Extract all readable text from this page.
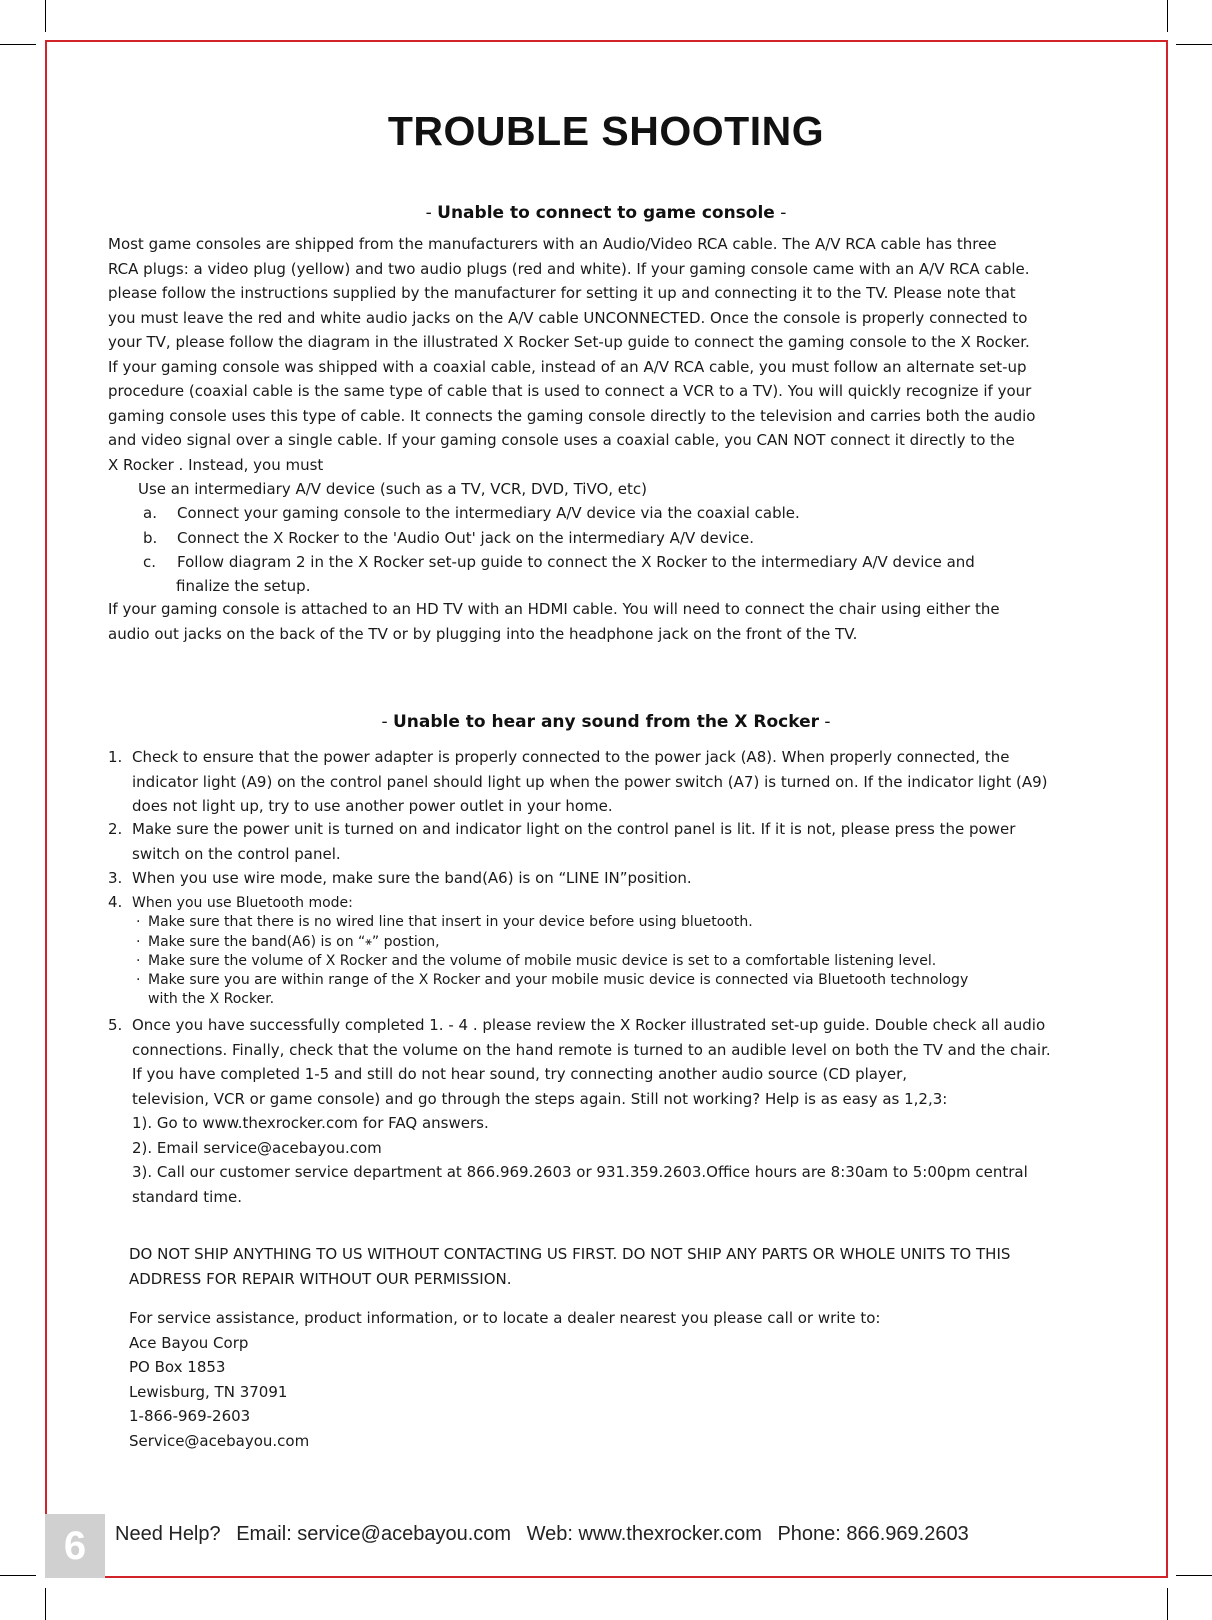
TROUBLE SHOOTING
- Unable to connect to game console -
Most game consoles are shipped from the manufacturers with an Audio/Video RCA cable. The A/V RCA cable has three
RCA plugs: a video plug (yellow) and two audio plugs (red and white). If your gaming console came with an A/V RCA cable.
please follow the instructions supplied by the manufacturer for setting it up and connecting it to the TV. Please note that
you must leave the red and white audio jacks on the A/V cable UNCONNECTED. Once the console is properly connected to
your TV, please follow the diagram in the illustrated X Rocker Set-up guide to connect the gaming console to the X Rocker.
If your gaming console was shipped with a coaxial cable, instead of an A/V RCA cable, you must follow an alternate set-up
procedure (coaxial cable is the same type of cable that is used to connect a VCR to a TV). You will quickly recognize if your
gaming console uses this type of cable. It connects the gaming console directly to the television and carries both the audio
and video signal over a single cable. If your gaming console uses a coaxial cable, you CAN NOT connect it directly to the
X Rocker . Instead, you must
Use an intermediary A/V device (such as a TV, VCR, DVD, TiVO, etc)
a. Connect your gaming console to the intermediary A/V device via the coaxial cable.
b. Connect the X Rocker to the 'Audio Out' jack on the intermediary A/V device.
c. Follow diagram 2 in the X Rocker set-up guide to connect the X Rocker to the intermediary A/V device and
finalize the setup.
If your gaming console is attached to an HD TV with an HDMI cable. You will need to connect the chair using either the
audio out jacks on the back of the TV or by plugging into the headphone jack on the front of the TV.
- Unable to hear any sound from the X Rocker -
1. Check to ensure that the power adapter is properly connected to the power jack (A8). When properly connected, the
indicator light (A9) on the control panel should light up when the power switch (A7) is turned on. If the indicator light (A9)
does not light up, try to use another power outlet in your home.
2. Make sure the power unit is turned on and indicator light on the control panel is lit. If it is not, please press the power
switch on the control panel.
3. When you use wire mode, make sure the band(A6) is on “LINE IN”position.
4. When you use Bluetooth mode:
· Make sure that there is no wired line that insert in your device before using bluetooth.
· Make sure the band(A6) is on “⚹” postion,
· Make sure the volume of X Rocker and the volume of mobile music device is set to a comfortable listening level.
· Make sure you are within range of the X Rocker and your mobile music device is connected via Bluetooth technology
with the X Rocker.
5. Once you have successfully completed 1. - 4 . please review the X Rocker illustrated set-up guide. Double check all audio
connections. Finally, check that the volume on the hand remote is turned to an audible level on both the TV and the chair.
If you have completed 1-5 and still do not hear sound, try connecting another audio source (CD player,
television, VCR or game console) and go through the steps again. Still not working? Help is as easy as 1,2,3:
1). Go to www.thexrocker.com for FAQ answers.
2). Email service@acebayou.com
3). Call our customer service department at 866.969.2603 or 931.359.2603.Office hours are 8:30am to 5:00pm central
standard time.
DO NOT SHIP ANYTHING TO US WITHOUT CONTACTING US FIRST. DO NOT SHIP ANY PARTS OR WHOLE UNITS TO THIS
ADDRESS FOR REPAIR WITHOUT OUR PERMISSION.
For service assistance, product information, or to locate a dealer nearest you please call or write to:
Ace Bayou Corp
PO Box 1853
Lewisburg, TN 37091
1-866-969-2603
Service@acebayou.com
6	Need Help? Email: service@acebayou.com Web: www.thexrocker.com Phone: 866.969.2603
